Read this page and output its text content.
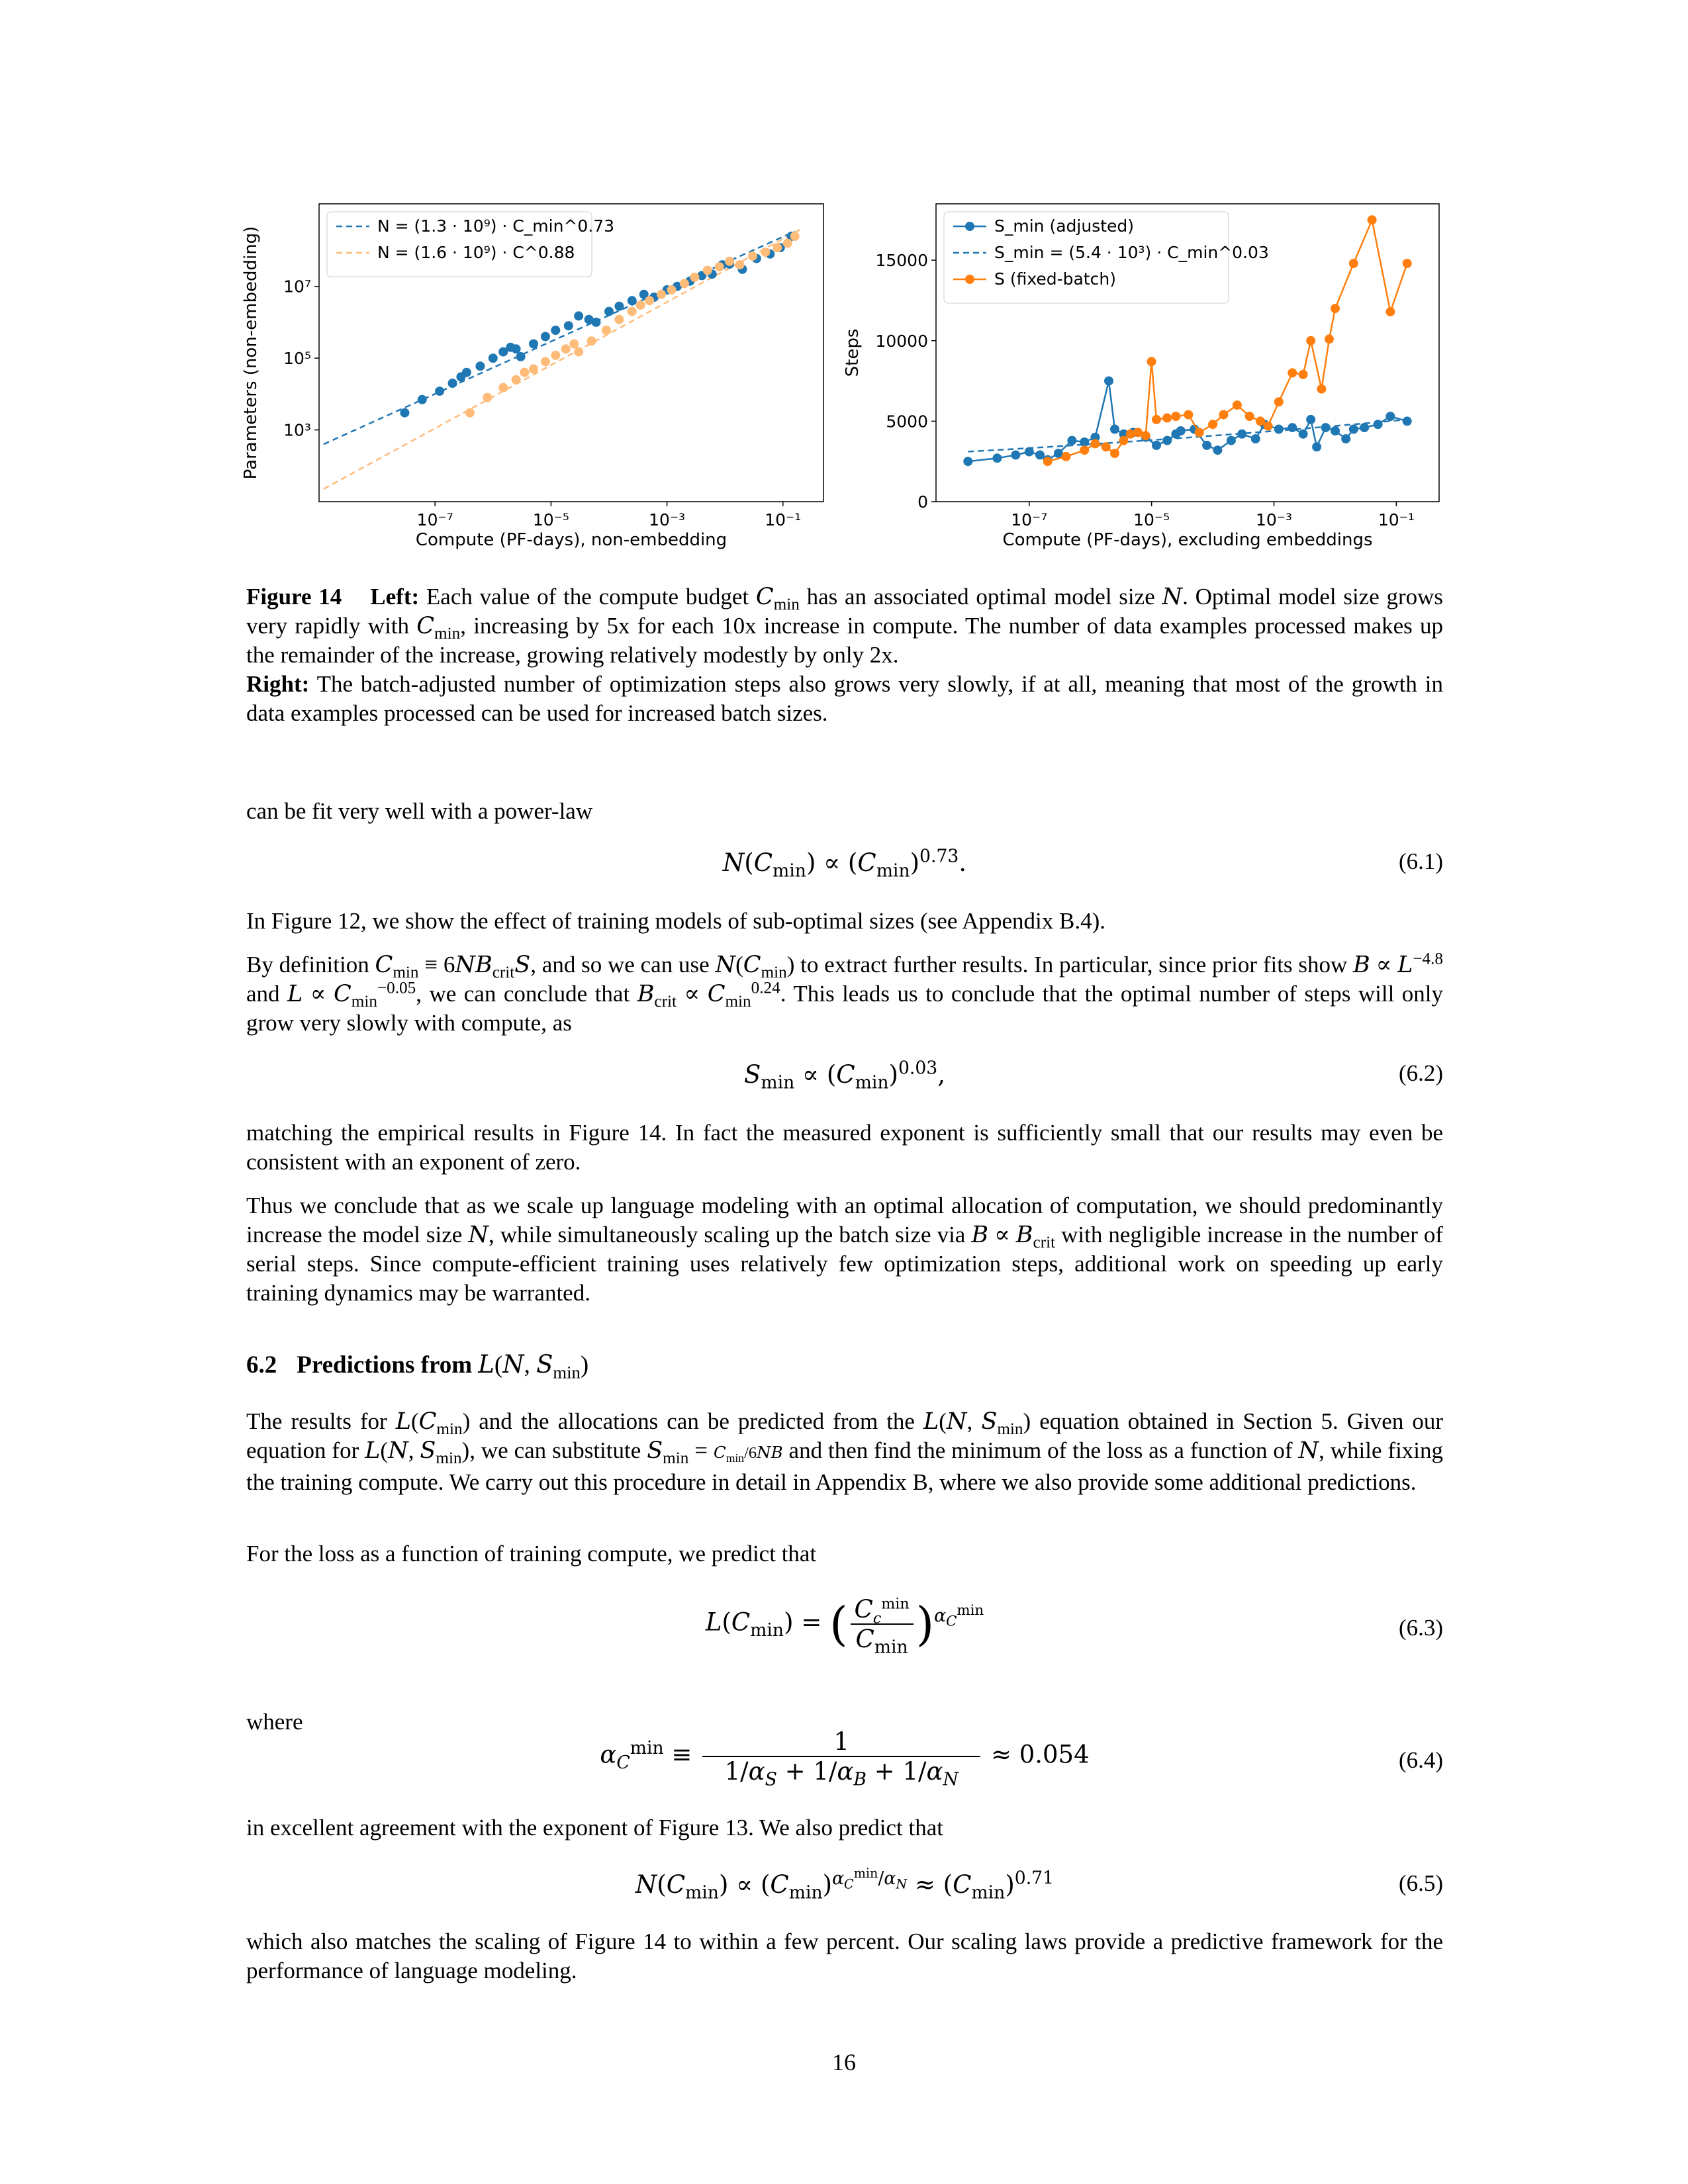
10⁻⁷	10⁻⁵	10⁻³	10⁻¹
10³
10⁵
10⁷
Compute (PF-days), non-embedding
Parameters (non-embedding)
N = (1.3 · 10⁹) · C_min^0.73
N = (1.6 · 10⁹) · C^0.88
10⁻⁷	10⁻⁵	10⁻³	10⁻¹
0
5000
10000
15000
Compute (PF-days), excluding embeddings
Steps
S_min (adjusted)
S_min = (5.4 · 10³) · C_min^0.03
S (fixed-batch)
Figure 14 Left: Each value of the compute budget $C_{min}$ has an associated optimal model size N. Optimal model size grows very rapidly with $C_{min}$, increasing by 5x for each 10x increase in compute. The number of data examples processed makes up the remainder of the increase, growing relatively modestly by only 2x.
Right: The batch-adjusted number of optimization steps also grows very slowly, if at all, meaning that most of the growth in data examples processed can be used for increased batch sizes.
can be fit very well with a power-law
$N(C_{min}) \propto (C_{min})^{0.73}$.	(6.1)
In Figure 12, we show the effect of training models of sub-optimal sizes (see Appendix B.4).
By definition $C_{min} \equiv 6NB_{crit}S$, and so we can use $N(C_{min})$ to extract further results. In particular, since prior fits show $B \propto L^{-4.8}$ and $L \propto C_{min}^{-0.05}$, we can conclude that $B_{crit} \propto C_{min}^{0.24}$. This leads us to conclude that the optimal number of steps will only grow very slowly with compute, as
$S_{min} \propto (C_{min})^{0.03}$,	(6.2)
matching the empirical results in Figure 14. In fact the measured exponent is sufficiently small that our results may even be consistent with an exponent of zero.
Thus we conclude that as we scale up language modeling with an optimal allocation of computation, we should predominantly increase the model size N, while simultaneously scaling up the batch size via $B \propto B_{crit}$ with negligible increase in the number of serial steps. Since compute-efficient training uses relatively few optimization steps, additional work on speeding up early training dynamics may be warranted.
6.2 Predictions from L(N, $S_{min}$)
The results for $L(C_{min})$ and the allocations can be predicted from the L(N, $S_{min}$) equation obtained in Section 5. Given our equation for L(N, $S_{min}$), we can substitute $S_{min} = C_{min}/6NB$ and then find the minimum of the loss as a function of N, while fixing the training compute. We carry out this procedure in detail in Appendix B, where we also provide some additional predictions.
For the loss as a function of training compute, we predict that
$L(C_{min})$ = ( $\frac{C_c^{min}}{C_{min}} )^{\alpha_C^{min}}$
(6.3)
where
$\alpha_C^{min} \equiv \frac{1}{1/\alpha_S + 1/\alpha_B + 1/\alpha_N} \approx 0.054$	(6.4)
in excellent agreement with the exponent of Figure 13. We also predict that
$N(C_{min}) \propto (C_{min})^{\alpha_C^{min}/\alpha_N} \approx (C_{min})^{0.71}$	(6.5)
which also matches the scaling of Figure 14 to within a few percent. Our scaling laws provide a predictive framework for the performance of language modeling.
16
